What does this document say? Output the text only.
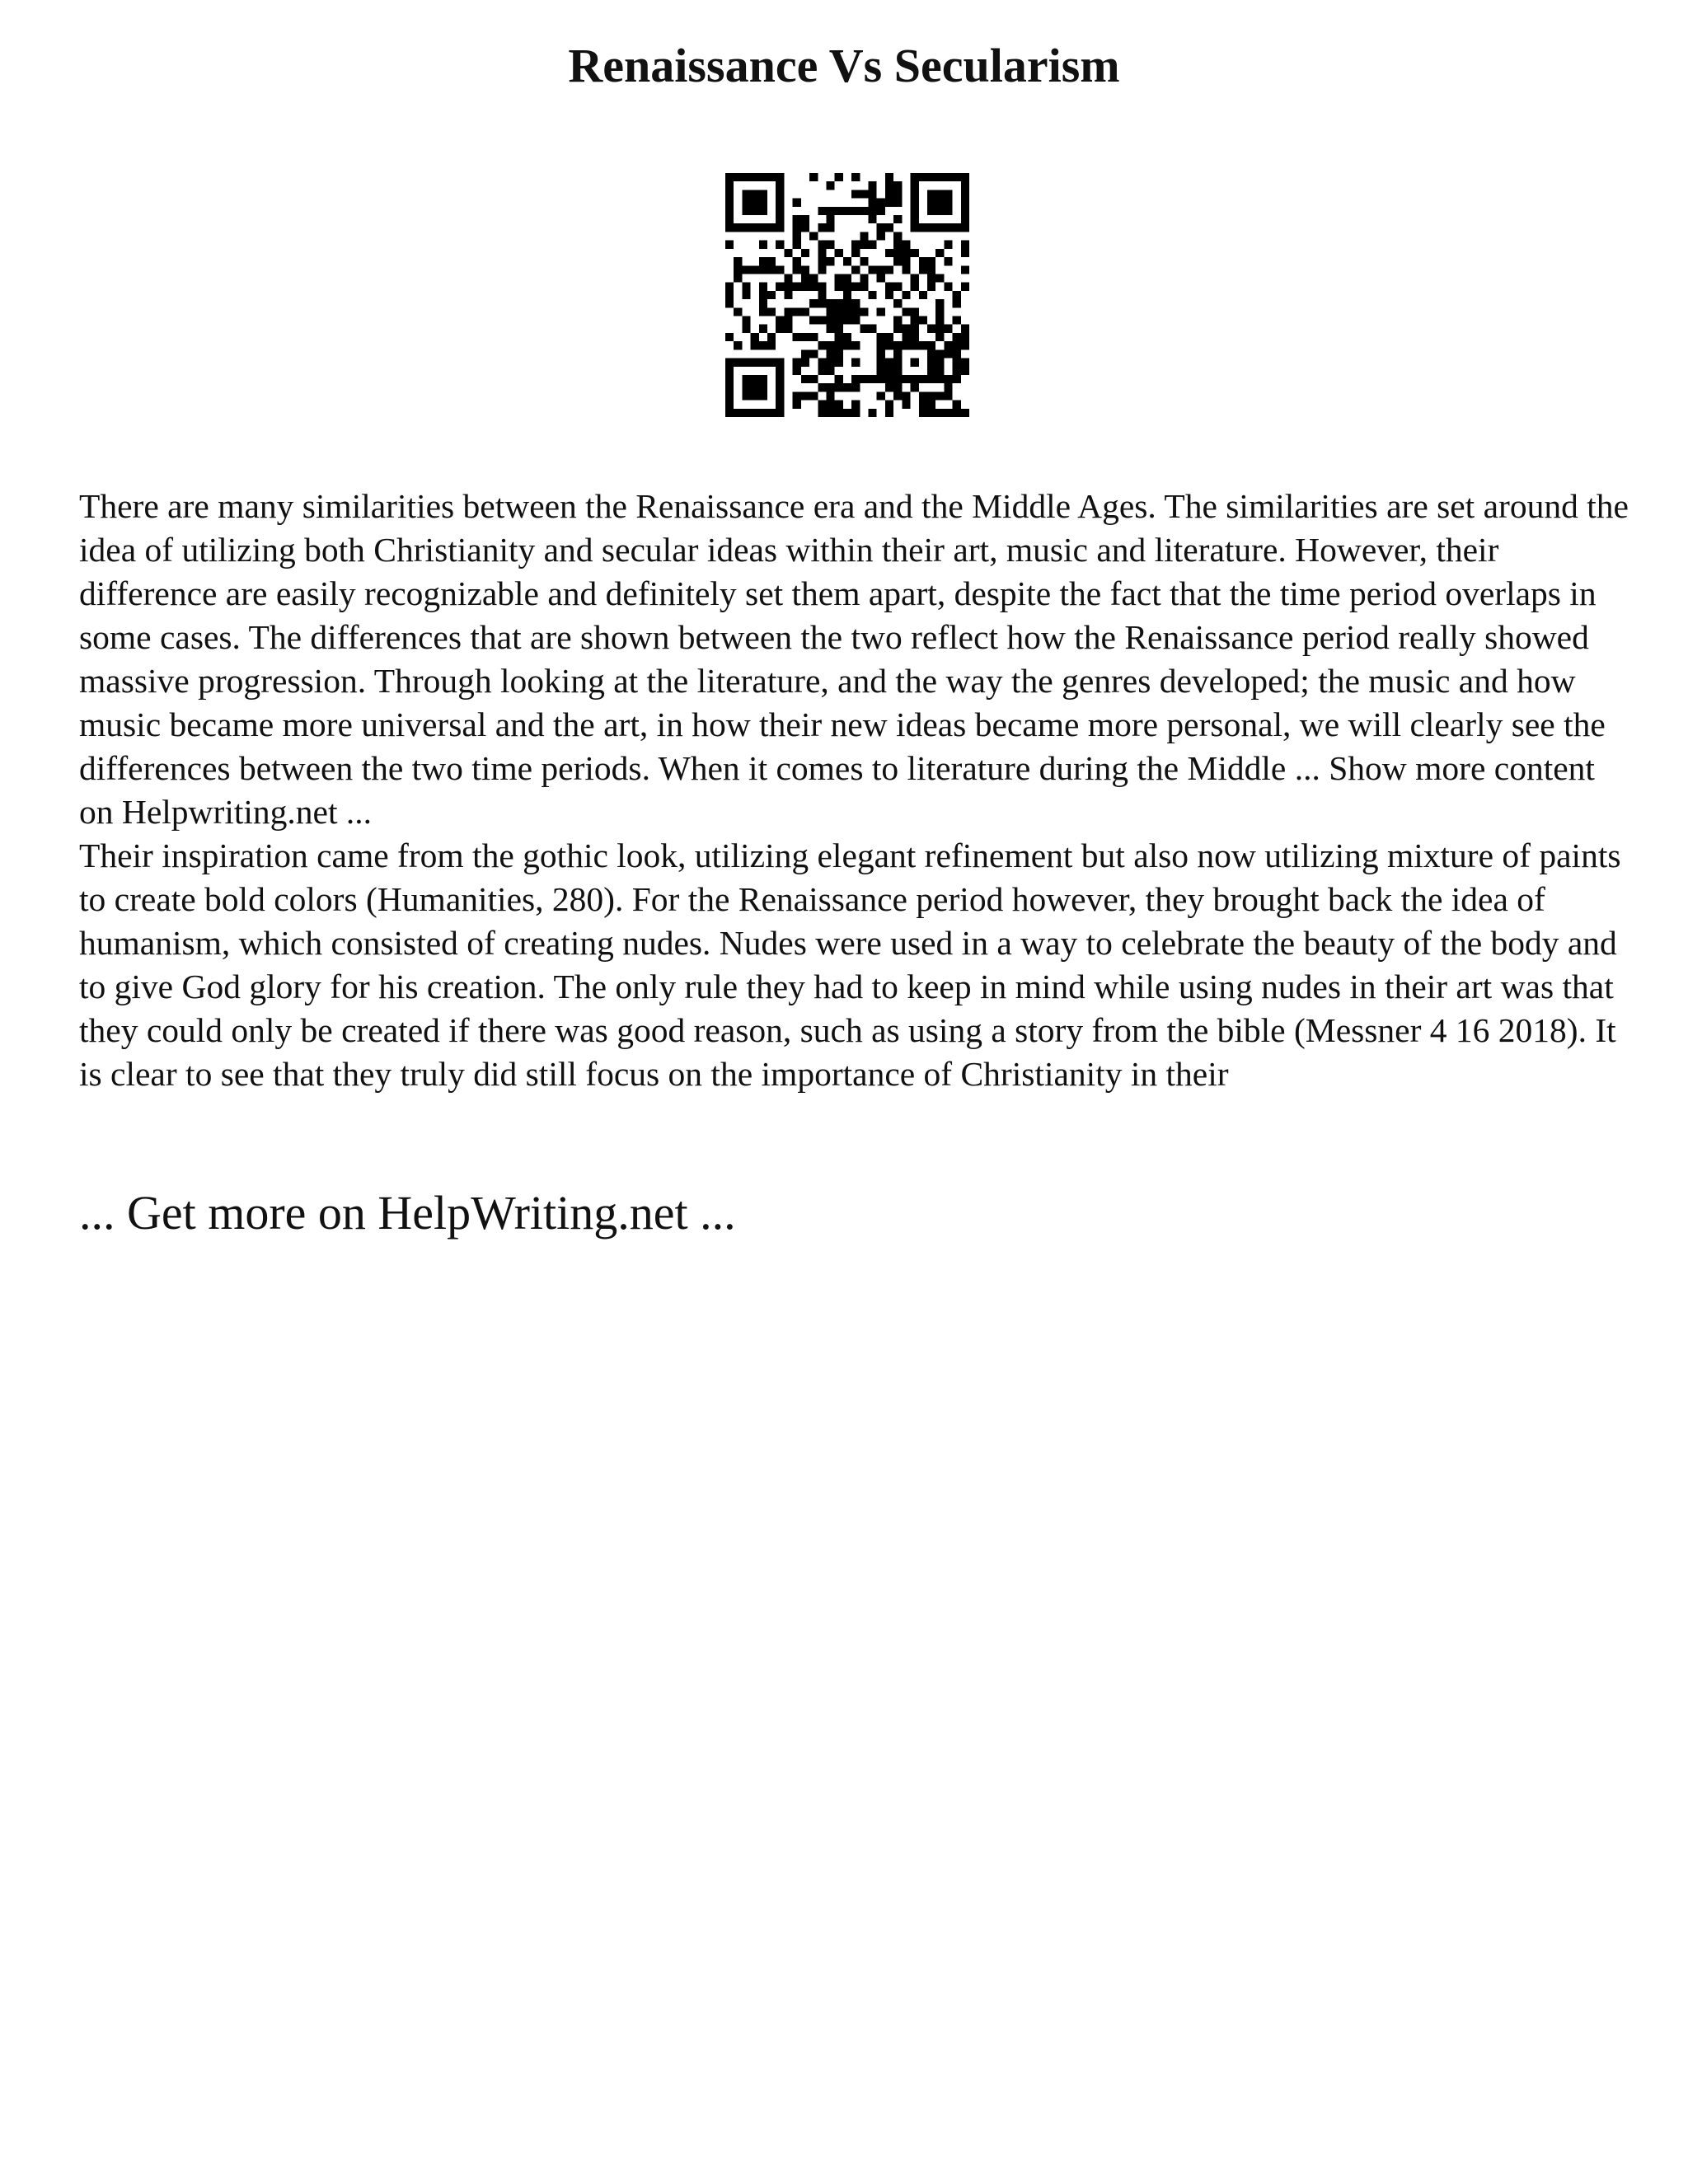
Renaissance Vs Secularism

There are many similarities between the Renaissance era and the Middle Ages. The similarities are set around the idea of utilizing both Christianity and secular ideas within their art, music and literature. However, their difference are easily recognizable and definitely set them apart, despite the fact that the time period overlaps in some cases. The differences that are shown between the two reflect how the Renaissance period really showed massive progression. Through looking at the literature, and the way the genres developed; the music and how music became more universal and the art, in how their new ideas became more personal, we will clearly see the differences between the two time periods. When it comes to literature during the Middle ... Show more content on Helpwriting.net ...

Their inspiration came from the gothic look, utilizing elegant refinement but also now utilizing mixture of paints to create bold colors (Humanities, 280). For the Renaissance period however, they brought back the idea of humanism, which consisted of creating nudes. Nudes were used in a way to celebrate the beauty of the body and to give God glory for his creation. The only rule they had to keep in mind while using nudes in their art was that they could only be created if there was good reason, such as using a story from the bible (Messner 4 16 2018). It is clear to see that they truly did still focus on the importance of Christianity in their

... Get more on HelpWriting.net ...
